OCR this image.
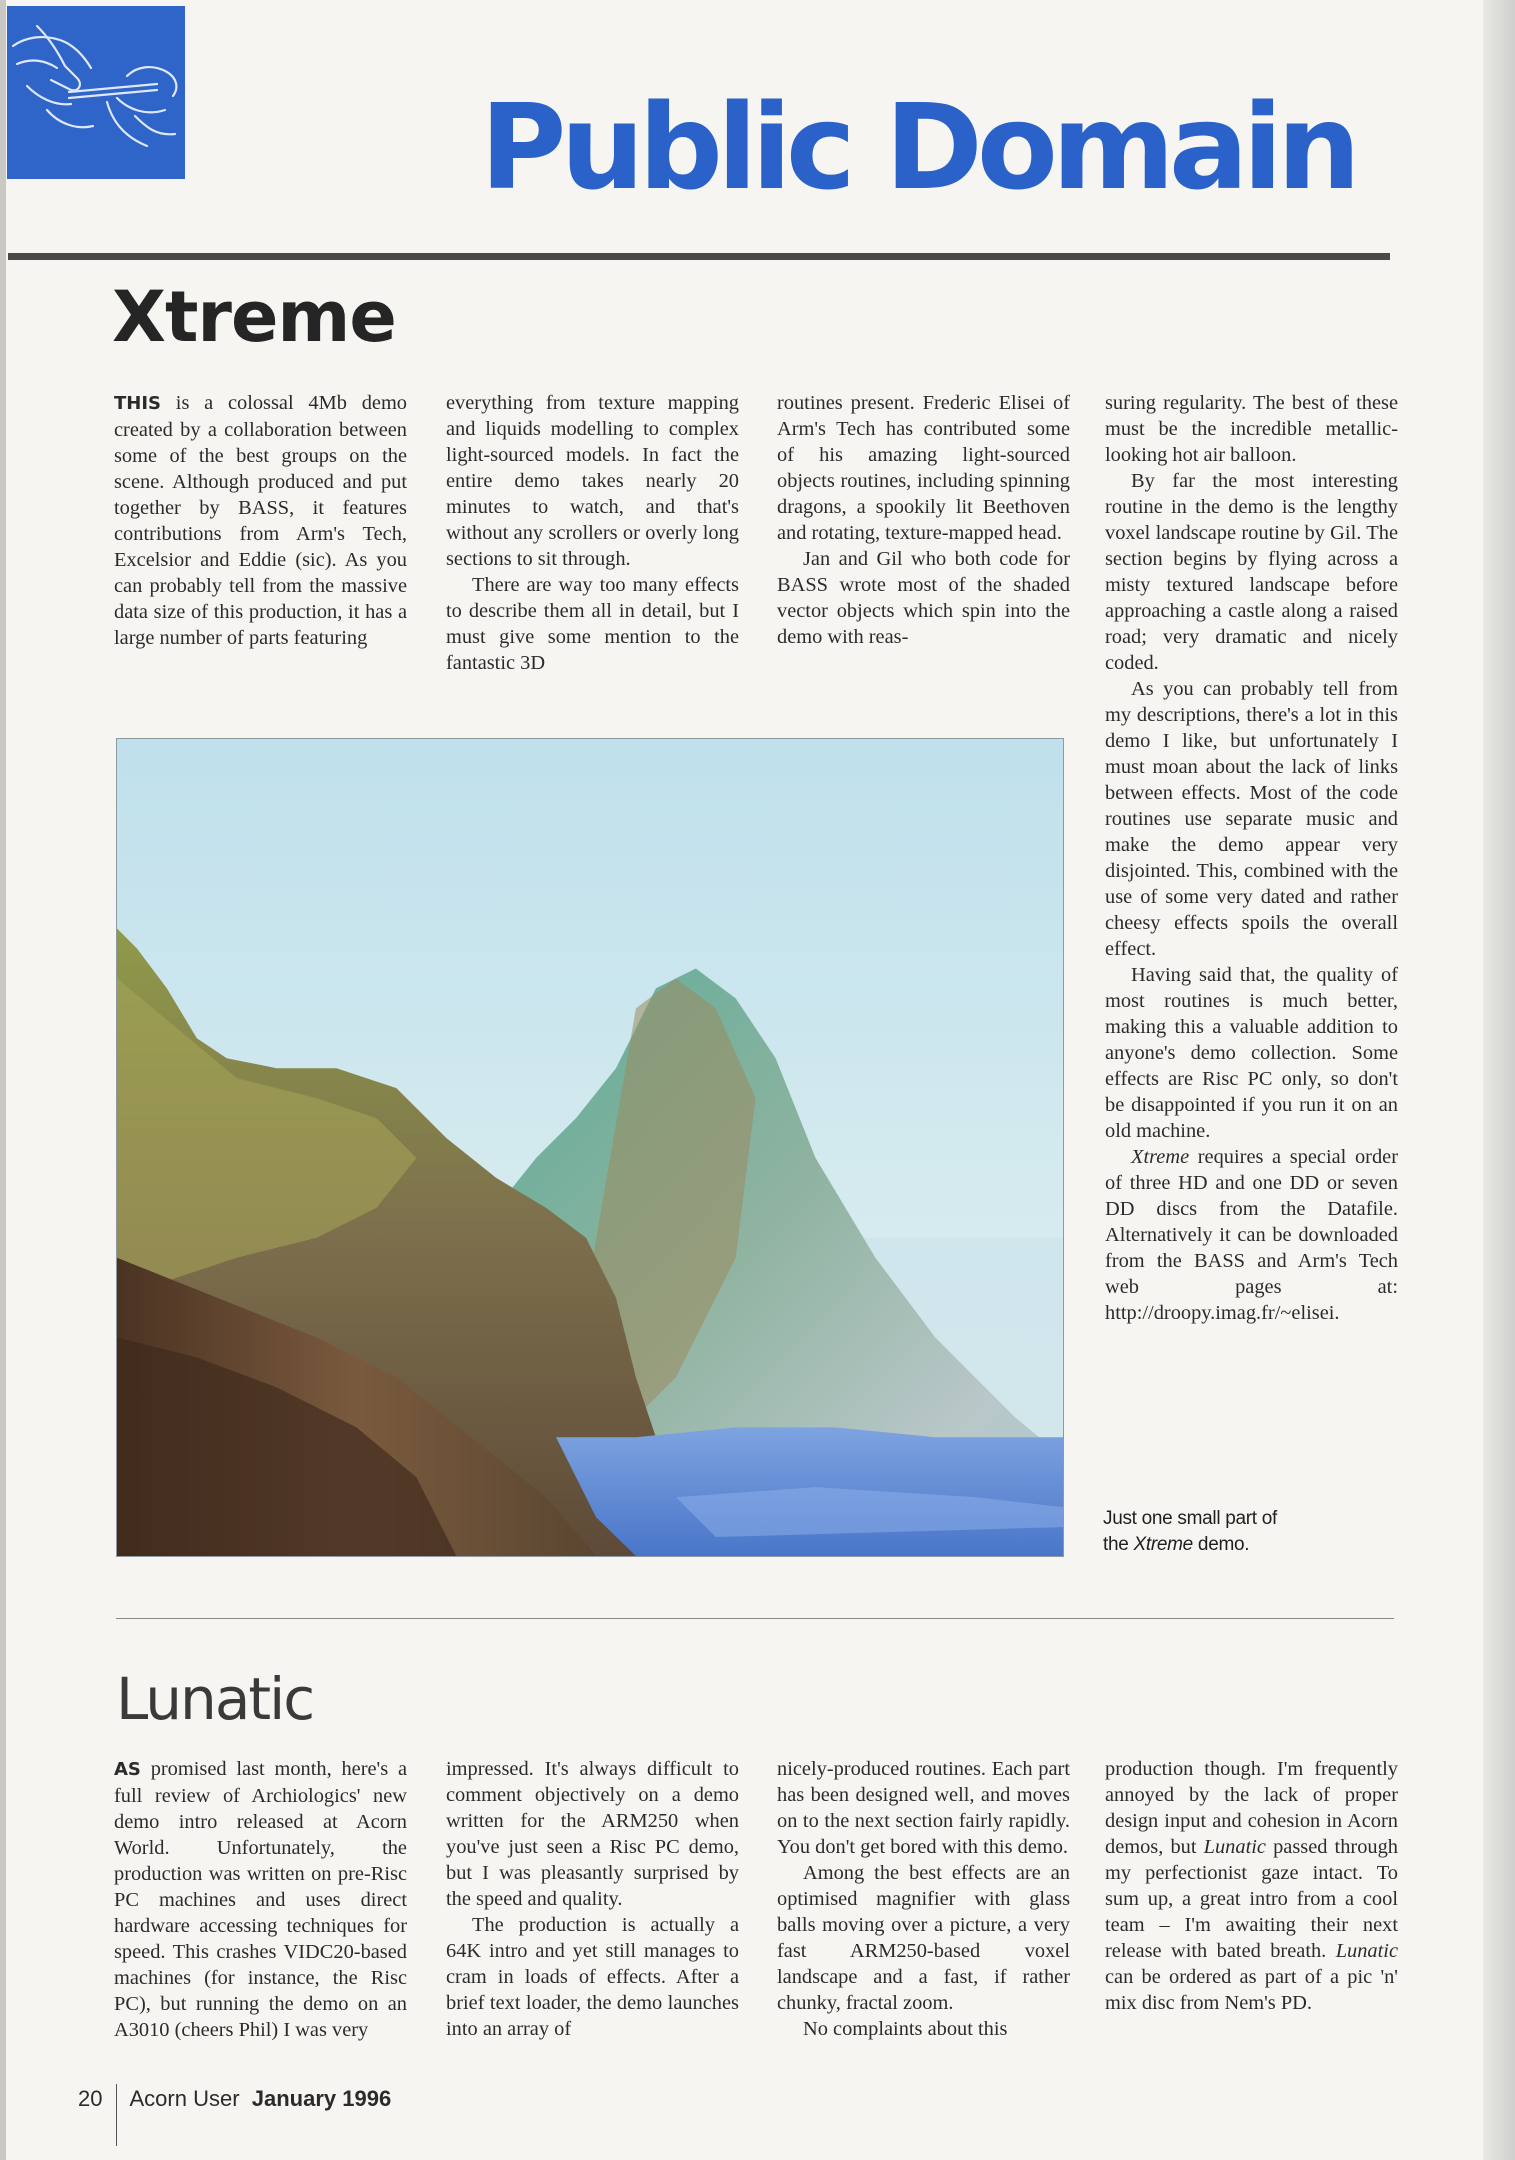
Public Domain
Xtreme

THIS is a colossal 4Mb demo created by a collaboration between some of the best groups on the scene. Although produced and put together by BASS, it features contributions from Arm's Tech, Excelsior and Eddie (sic). As you can probably tell from the massive data size of this production, it has a large number of parts featuring

everything from texture mapping and liquids modelling to complex light-sourced models. In fact the entire demo takes nearly 20 minutes to watch, and that's without any scrollers or overly long sections to sit through.

There are way too many effects to describe them all in detail, but I must give some mention to the fantastic 3D

routines present. Frederic Elisei of Arm's Tech has contributed some of his amazing light-sourced objects routines, including spinning dragons, a spookily lit Beethoven and rotating, texture-mapped head.

Jan and Gil who both code for BASS wrote most of the shaded vector objects which spin into the demo with reas-

suring regularity. The best of these must be the incredible metallic-looking hot air balloon.

By far the most interesting routine in the demo is the lengthy voxel landscape routine by Gil. The section begins by flying across a misty textured landscape before approaching a castle along a raised road; very dramatic and nicely coded.

As you can probably tell from my descriptions, there's a lot in this demo I like, but unfortunately I must moan about the lack of links between effects. Most of the code routines use separate music and make the demo appear very disjointed. This, combined with the use of some very dated and rather cheesy effects spoils the overall effect.

Having said that, the quality of most routines is much better, making this a valuable addition to anyone's demo collection. Some effects are Risc PC only, so don't be disappointed if you run it on an old machine.

Xtreme requires a special order of three HD and one DD or seven DD discs from the Datafile. Alternatively it can be downloaded from the BASS and Arm's Tech web pages at: http://droopy.imag.fr/~elisei.

Just one small part of
the Xtreme demo.
Lunatic

AS promised last month, here's a full review of Archiologics' new demo intro released at Acorn World. Unfortunately, the production was written on pre-Risc PC machines and uses direct hardware accessing techniques for speed. This crashes VIDC20-based machines (for instance, the Risc PC), but running the demo on an A3010 (cheers Phil) I was very

impressed. It's always difficult to comment objectively on a demo written for the ARM250 when you've just seen a Risc PC demo, but I was pleasantly surprised by the speed and quality.

The production is actually a 64K intro and yet still manages to cram in loads of effects. After a brief text loader, the demo launches into an array of

nicely-produced routines. Each part has been designed well, and moves on to the next section fairly rapidly. You don't get bored with this demo.

Among the best effects are an optimised magnifier with glass balls moving over a picture, a very fast ARM250-based voxel landscape and a fast, if rather chunky, fractal zoom.

No complaints about this

production though. I'm frequently annoyed by the lack of proper design input and cohesion in Acorn demos, but Lunatic passed through my perfectionist gaze intact. To sum up, a great intro from a cool team – I'm awaiting their next release with bated breath. Lunatic can be ordered as part of a pic 'n' mix disc from Nem's PD.

20 Acorn User January 1996
